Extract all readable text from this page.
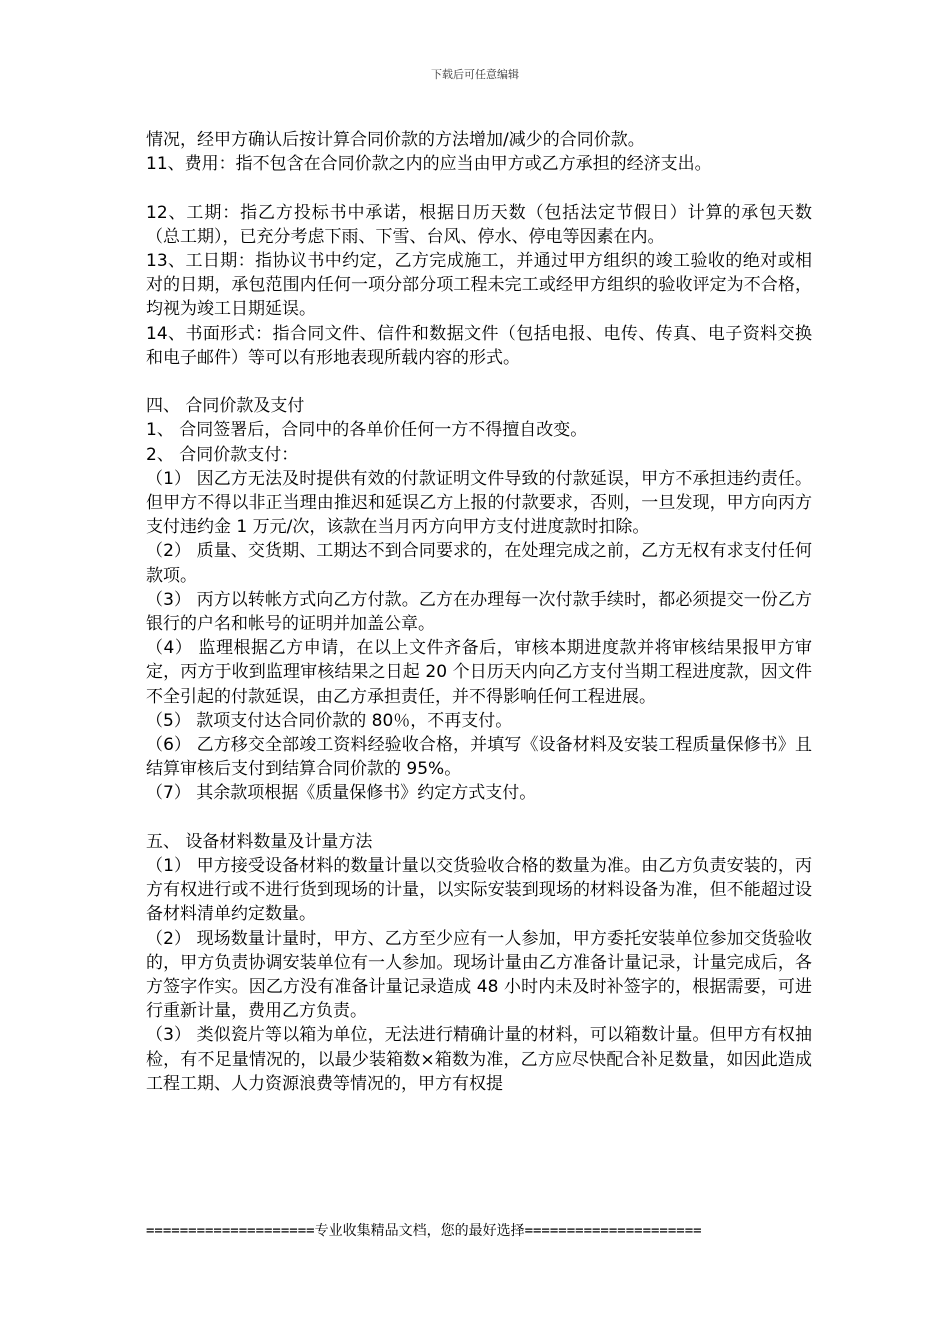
下载后可任意编辑

情况，经甲方确认后按计算合同价款的方法增加/减少的合同价款。

11、费用：指不包含在合同价款之内的应当由甲方或乙方承担的经济支出。

12、工期：指乙方投标书中承诺，根据日历天数（包括法定节假日）计算的承包天数（总工期），已充分考虑下雨、下雪、台风、停水、停电等因素在内。

13、工日期：指协议书中约定，乙方完成施工，并通过甲方组织的竣工验收的绝对或相对的日期，承包范围内任何一项分部分项工程未完工或经甲方组织的验收评定为不合格，均视为竣工日期延误。

14、书面形式：指合同文件、信件和数据文件（包括电报、电传、传真、电子资料交换和电子邮件）等可以有形地表现所载内容的形式。

四、 合同价款及支付

1、 合同签署后，合同中的各单价任何一方不得擅自改变。

2、 合同价款支付：

（1） 因乙方无法及时提供有效的付款证明文件导致的付款延误，甲方不承担违约责任。但甲方不得以非正当理由推迟和延误乙方上报的付款要求，否则，一旦发现，甲方向丙方支付违约金 1 万元/次，该款在当月丙方向甲方支付进度款时扣除。

（2） 质量、交货期、工期达不到合同要求的，在处理完成之前，乙方无权有求支付任何款项。

（3） 丙方以转帐方式向乙方付款。乙方在办理每一次付款手续时，都必须提交一份乙方银行的户名和帐号的证明并加盖公章。

（4） 监理根据乙方申请，在以上文件齐备后，审核本期进度款并将审核结果报甲方审定，丙方于收到监理审核结果之日起 20 个日历天内向乙方支付当期工程进度款，因文件不全引起的付款延误，由乙方承担责任，并不得影响任何工程进展。

（5） 款项支付达合同价款的 80％，不再支付。

（6） 乙方移交全部竣工资料经验收合格，并填写《设备材料及安装工程质量保修书》且结算审核后支付到结算合同价款的 95%。

（7） 其余款项根据《质量保修书》约定方式支付。

五、 设备材料数量及计量方法

（1） 甲方接受设备材料的数量计量以交货验收合格的数量为准。由乙方负责安装的，丙方有权进行或不进行货到现场的计量，以实际安装到现场的材料设备为准，但不能超过设备材料清单约定数量。

（2） 现场数量计量时，甲方、乙方至少应有一人参加，甲方委托安装单位参加交货验收的，甲方负责协调安装单位有一人参加。现场计量由乙方准备计量记录，计量完成后，各方签字作实。因乙方没有准备计量记录造成 48 小时内未及时补签字的，根据需要，可进行重新计量，费用乙方负责。

（3） 类似瓷片等以箱为单位，无法进行精确计量的材料，可以箱数计量。但甲方有权抽检，有不足量情况的，以最少装箱数×箱数为准，乙方应尽快配合补足数量，如因此造成工程工期、人力资源浪费等情况的，甲方有权提

====================专业收集精品文档，您的最好选择=====================
